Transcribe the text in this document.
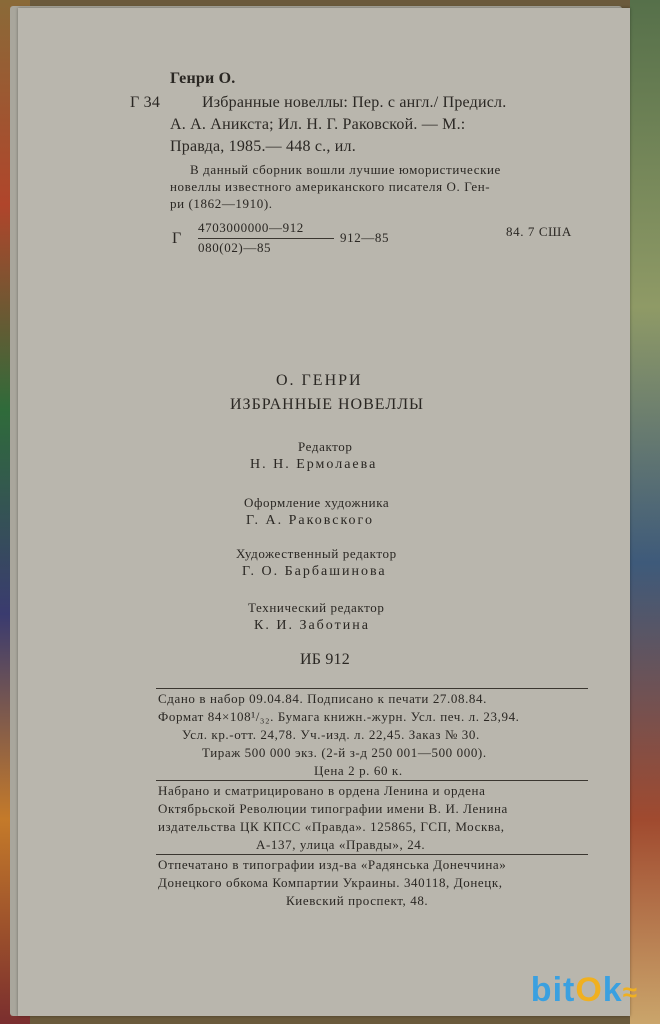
Генри О.
Г 34	Избранные новеллы: Пер. с англ./ Предисл.
А. А. Аникста; Ил. Н. Г. Раковской. — М.:
Правда, 1985.— 448 с., ил.
В данный сборник вошли лучшие юмористические
новеллы известного американского писателя О. Ген-
ри (1862—1910).
Г
4703000000—912
080(02)—85
912—85	84. 7 США
О. ГЕНРИ
ИЗБРАННЫЕ НОВЕЛЛЫ
Редактор
Н. Н. Ермолаева
Оформление художника
Г. А. Раковского
Художественный редактор
Г. О. Барбашинова
Технический редактор
К. И. Заботина
ИБ 912
Сдано в набор 09.04.84. Подписано к печати 27.08.84.
Формат 84×108¹/₃₂. Бумага книжн.-журн. Усл. печ. л. 23,94.
Усл. кр.-отт. 24,78. Уч.-изд. л. 22,45. Заказ № 30.
Тираж 500 000 экз. (2-й з-д 250 001—500 000).
Цена 2 р. 60 к.
Набрано и сматрицировано в ордена Ленина и ордена
Октябрьской Революции типографии имени В. И. Ленина
издательства ЦК КПСС «Правда». 125865, ГСП, Москва,
А-137, улица «Правды», 24.
Отпечатано в типографии изд-ва «Радянська Донеччина»
Донецкого обкома Компартии Украины. 340118, Донецк,
Киевский проспект, 48.
bitOk≈
